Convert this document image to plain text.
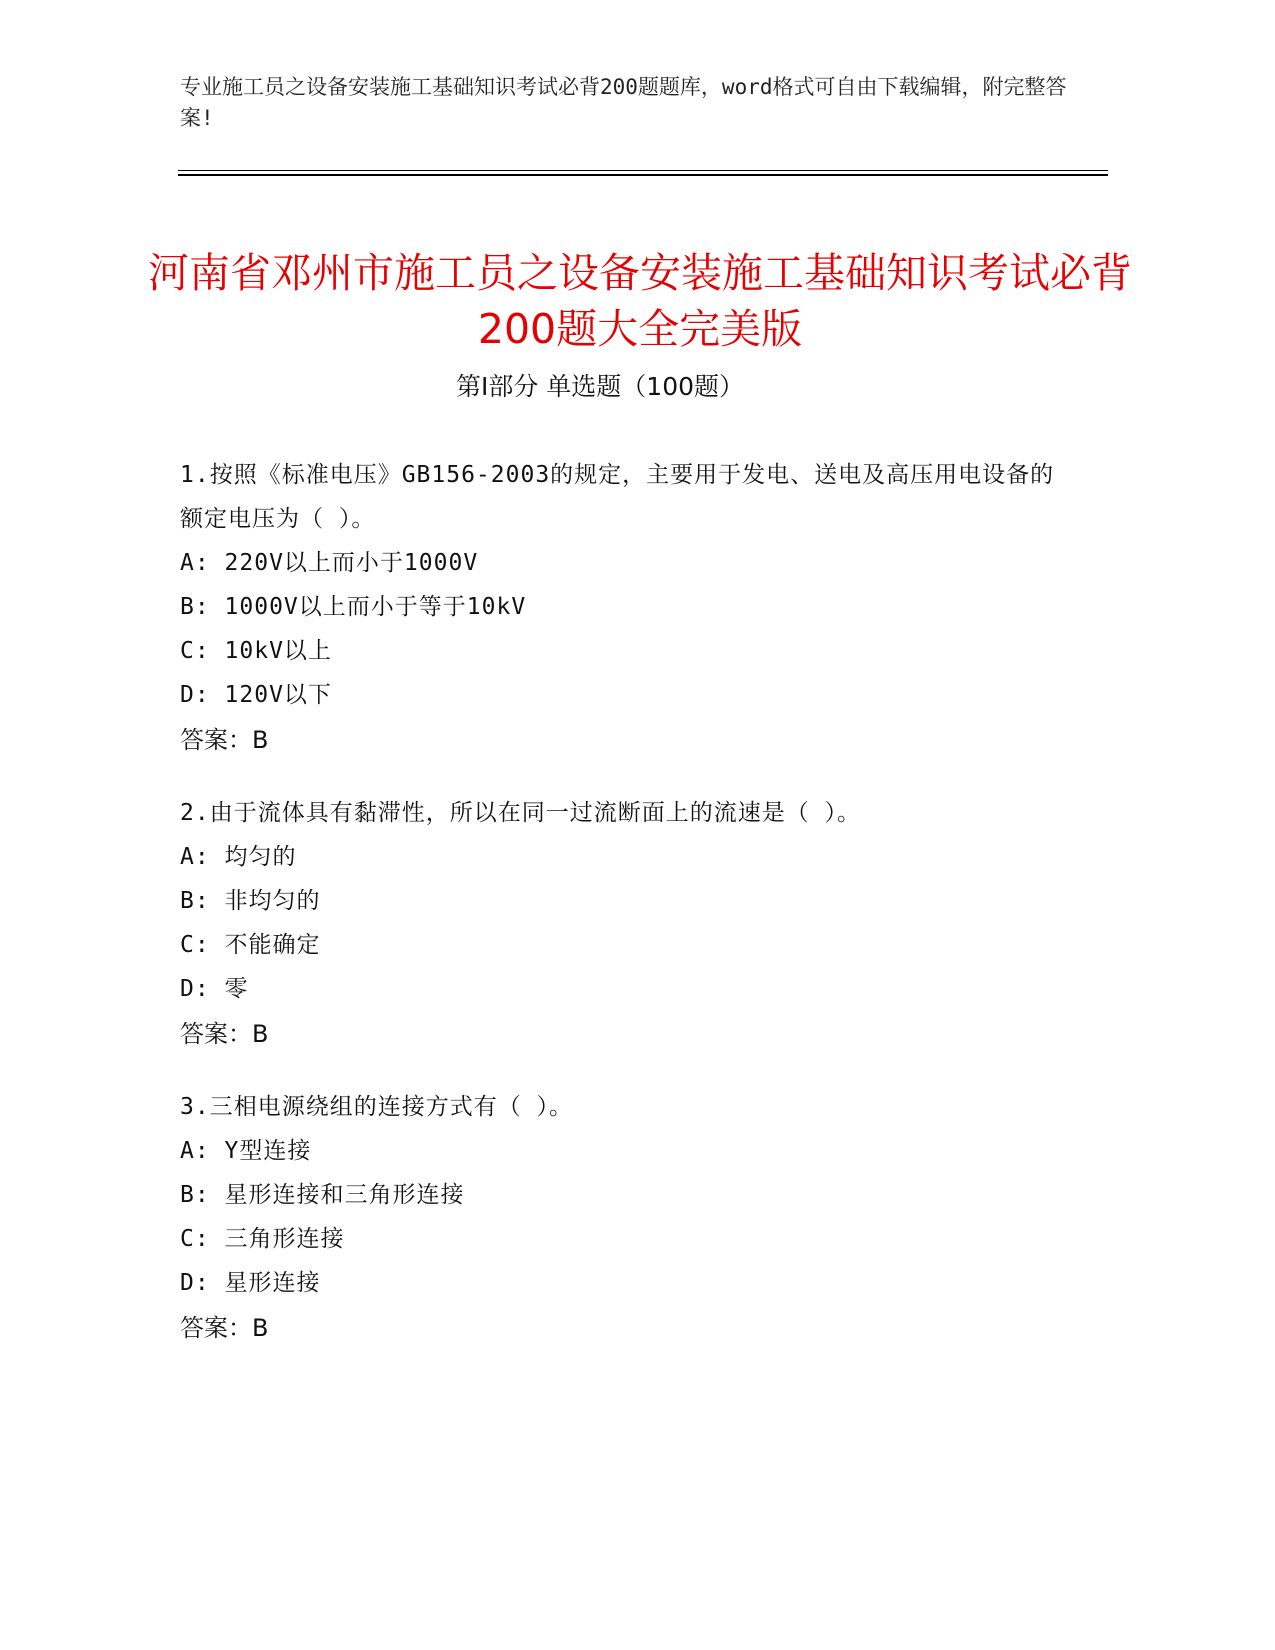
专业施工员之设备安装施工基础知识考试必背200题题库，word格式可自由下载编辑，附完整答案!
河南省邓州市施工员之设备安装施工基础知识考试必背200题大全完美版
第Ⅰ部分 单选题（100题）
1.按照《标准电压》GB156-2003的规定，主要用于发电、送电及高压用电设备的额定电压为（ ）。
A: 220V以上而小于1000V
B: 1000V以上而小于等于10kV
C: 10kV以上
D: 120V以下
答案：B
2.由于流体具有黏滞性，所以在同一过流断面上的流速是（ ）。
A: 均匀的
B: 非均匀的
C: 不能确定
D: 零
答案：B
3.三相电源绕组的连接方式有（ ）。
A: Y型连接
B: 星形连接和三角形连接
C: 三角形连接
D: 星形连接
答案：B
